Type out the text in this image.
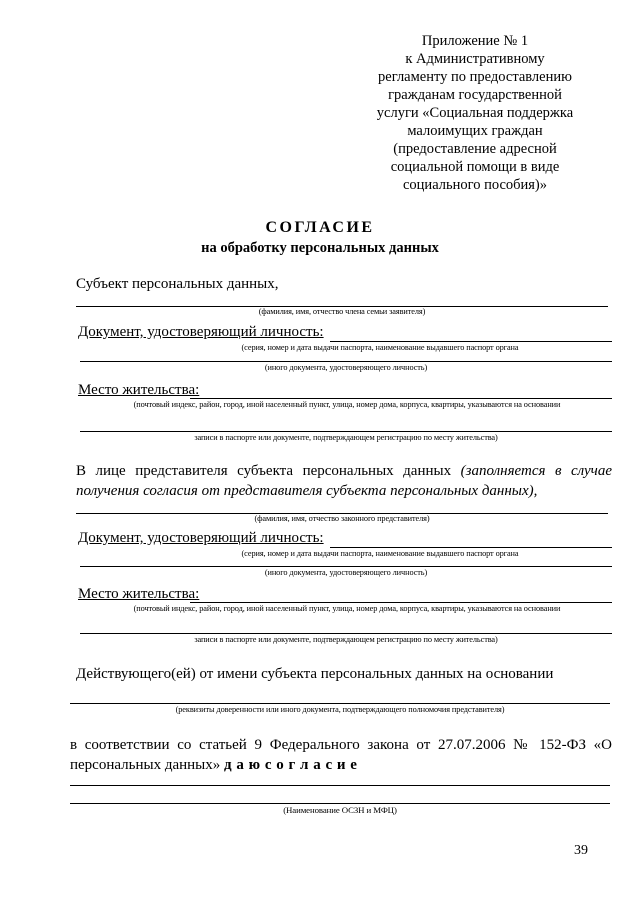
Приложение № 1
к Административному
регламенту по предоставлению
гражданам государственной
услуги «Социальная поддержка
малоимущих граждан
(предоставление адресной
социальной помощи в виде
социального пособия)»
СОГЛАСИЕ
на обработку персональных данных
Субъект персональных данных,
(фамилия, имя, отчество члена семьи заявителя)
Документ, удостоверяющий личность:
(серия, номер и дата выдачи паспорта, наименование выдавшего паспорт органа
(иного документа, удостоверяющего личность)
Место жительства:
(почтовый индекс, район, город, иной населенный пункт, улица, номер дома, корпуса, квартиры, указываются на основании
записи в паспорте или документе, подтверждающем регистрацию по месту жительства)
В лице представителя субъекта персональных данных (заполняется в случае получения согласия от представителя субъекта персональных данных),
(фамилия, имя, отчество законного представителя)
Документ, удостоверяющий личность:
(серия, номер и дата выдачи паспорта, наименование выдавшего паспорт органа
(иного документа, удостоверяющего личность)
Место жительства:
(почтовый индекс, район, город, иной населенный пункт, улица, номер дома, корпуса, квартиры, указываются на основании
записи в паспорте или документе, подтверждающем регистрацию по месту жительства)
Действующего(ей) от имени субъекта персональных данных на основании
(реквизиты доверенности или иного документа, подтверждающего полномочия представителя)
в соответствии со статьей 9 Федерального закона от 27.07.2006 № 152-ФЗ «О персональных данных» д а ю с о г л а с и е
(Наименование ОСЗН и МФЦ)
39
